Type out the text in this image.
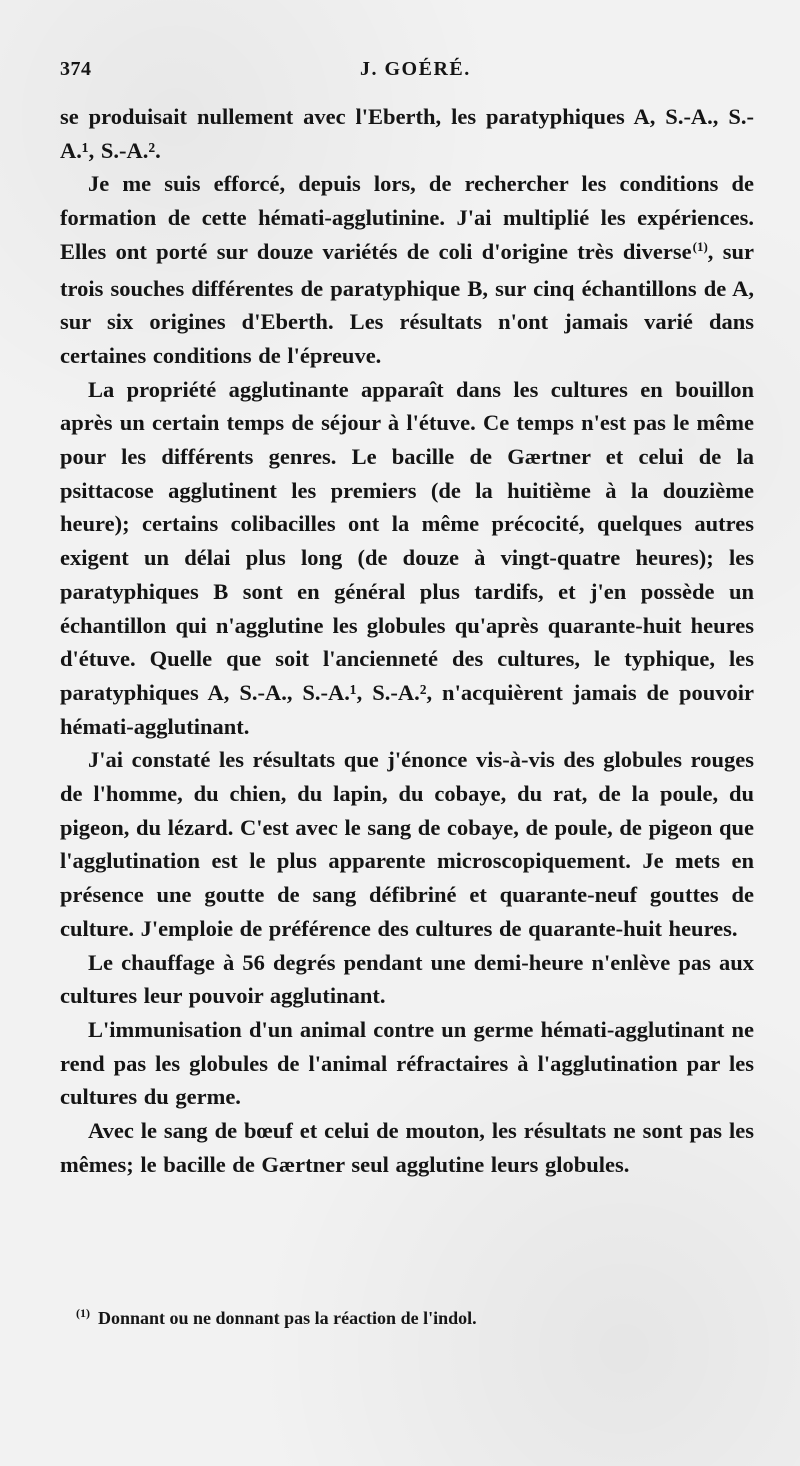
374	J. GOÉRÉ.

se produisait nullement avec l'Eberth, les paratyphiques A, S.-A., S.-A.¹, S.-A.².

Je me suis efforcé, depuis lors, de rechercher les conditions de formation de cette hémati-agglutinine. J'ai multiplié les expériences. Elles ont porté sur douze variétés de coli d'origine très diverse$^{(1)}$, sur trois souches différentes de paratyphique B, sur cinq échantillons de A, sur six origines d'Eberth. Les résultats n'ont jamais varié dans certaines conditions de l'épreuve.

La propriété agglutinante apparaît dans les cultures en bouillon après un certain temps de séjour à l'étuve. Ce temps n'est pas le même pour les différents genres. Le bacille de Gærtner et celui de la psittacose agglutinent les premiers (de la huitième à la douzième heure); certains colibacilles ont la même précocité, quelques autres exigent un délai plus long (de douze à vingt-quatre heures); les paratyphiques B sont en général plus tardifs, et j'en possède un échantillon qui n'agglutine les globules qu'après quarante-huit heures d'étuve. Quelle que soit l'ancienneté des cultures, le typhique, les paratyphiques A, S.-A., S.-A.¹, S.-A.², n'acquièrent jamais de pouvoir hémati-agglutinant.

J'ai constaté les résultats que j'énonce vis-à-vis des globules rouges de l'homme, du chien, du lapin, du cobaye, du rat, de la poule, du pigeon, du lézard. C'est avec le sang de cobaye, de poule, de pigeon que l'agglutination est le plus apparente microscopiquement. Je mets en présence une goutte de sang défibriné et quarante-neuf gouttes de culture. J'emploie de préférence des cultures de quarante-huit heures.

Le chauffage à 56 degrés pendant une demi-heure n'enlève pas aux cultures leur pouvoir agglutinant.

L'immunisation d'un animal contre un germe hémati-agglutinant ne rend pas les globules de l'animal réfractaires à l'agglutination par les cultures du germe.

Avec le sang de bœuf et celui de mouton, les résultats ne sont pas les mêmes; le bacille de Gærtner seul agglutine leurs globules.

$^{(1)}$ Donnant ou ne donnant pas la réaction de l'indol.
